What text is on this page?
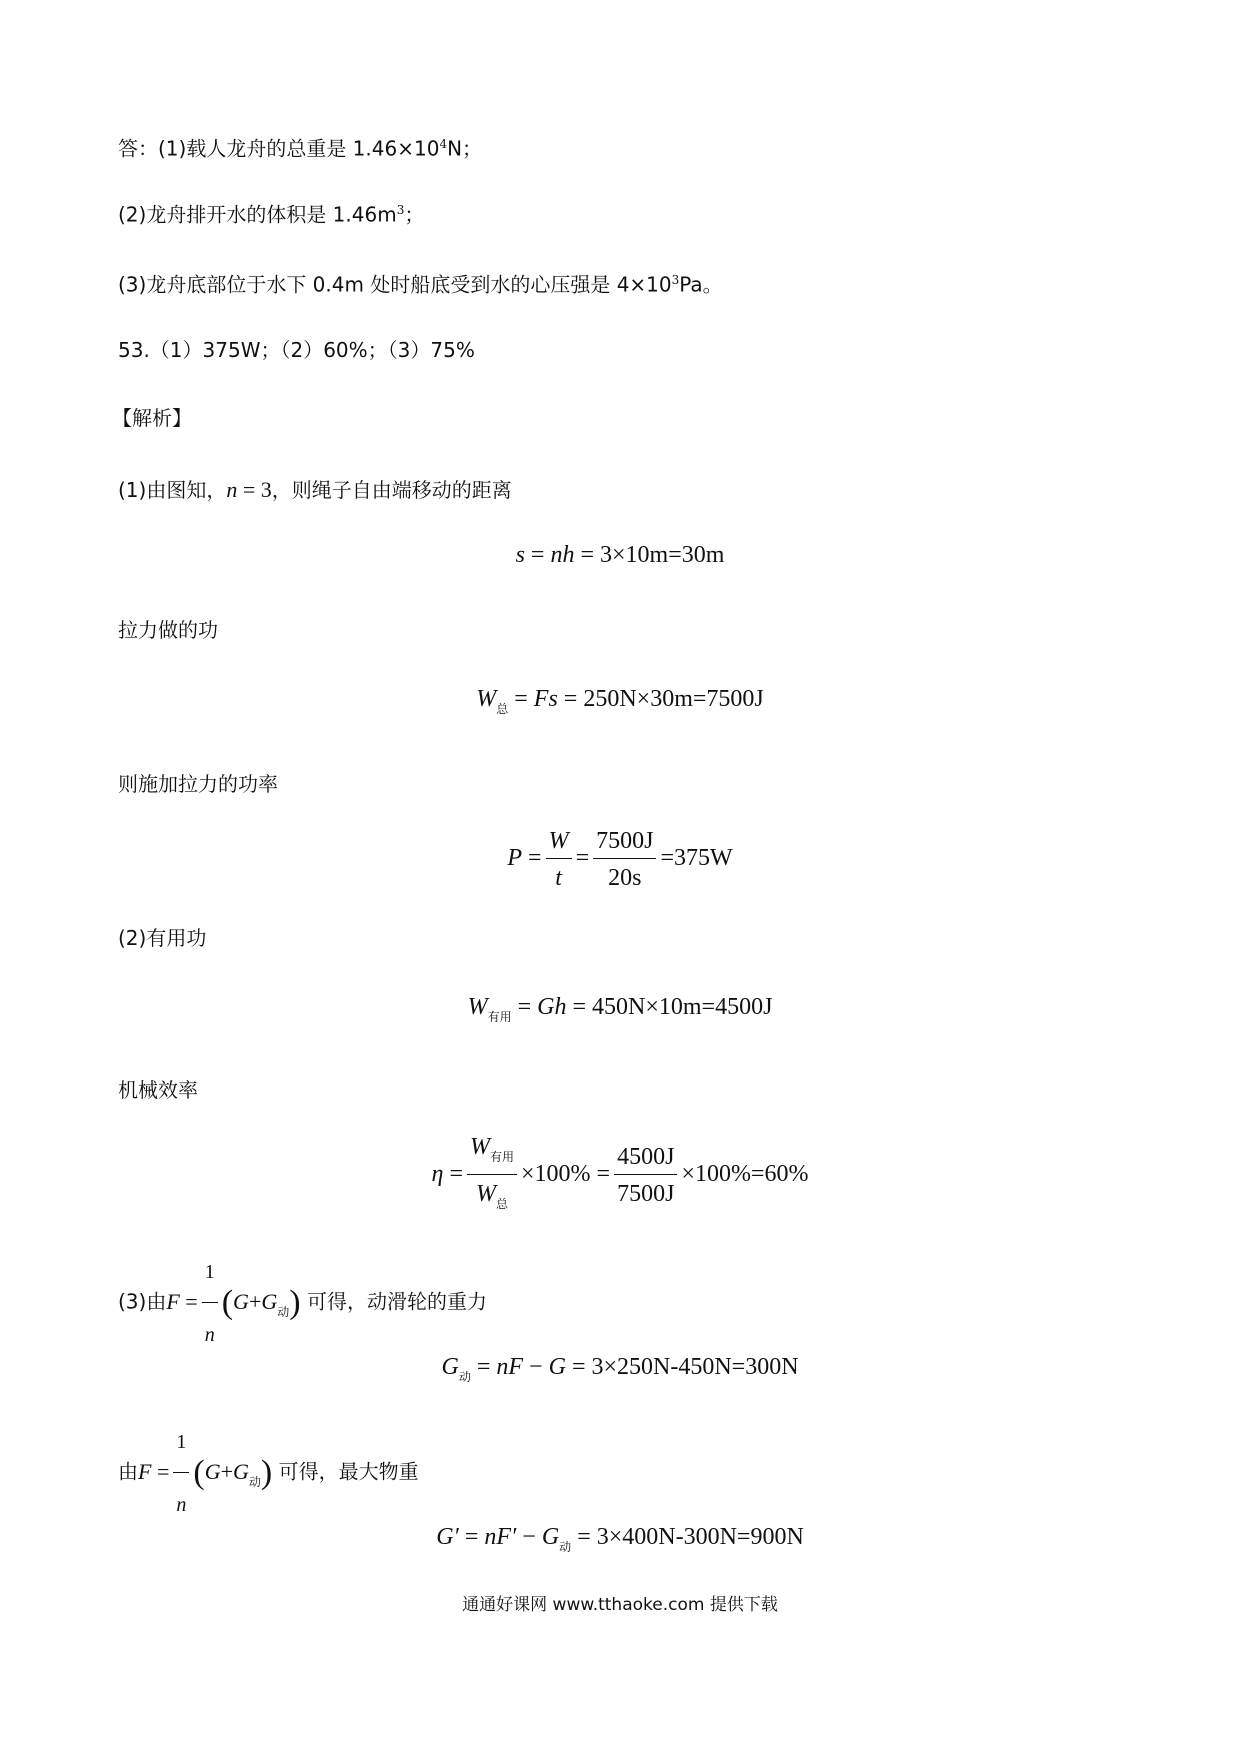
答：(1)载人龙舟的总重是 $1.46\times 10^4N$；
(2)龙舟排开水的体积是 $1.46m^3$；
(3)龙舟底部位于水下 0.4m 处时船底受到水的心压强是 $4\times 10^3Pa$。
53.（1）375W；（2）60%；（3）75%
【解析】
(1)由图知，n = 3，则绳子自由端移动的距离
s = nh = 3×10m=30m
拉力做的功
$W_总 = Fs = 250N\times 30m=7500J$
则施加拉力的功率
$P = \frac{W}{t} = \frac{7500J}{20s} =375W$
(2)有用功
$W_{有用} = Gh = 450N\times 10m=4500J$
机械效率
$\eta = \frac{W_{有用}}{W_总} \times 100\% = \frac{4500J}{7500J} \times 100\%=60\%$
(3)由$F = \frac{1}{n} (G+G_动)$ 可得，动滑轮的重力
$G_动$ = nF − G = 3×250N-450N=300N
由$F = \frac{1}{n} (G+G_动)$ 可得，最大物重
$G' = nF' - G_动 = 3\times 400N-300N=900N$
通通好课网 www.tthaoke.com 提供下载
